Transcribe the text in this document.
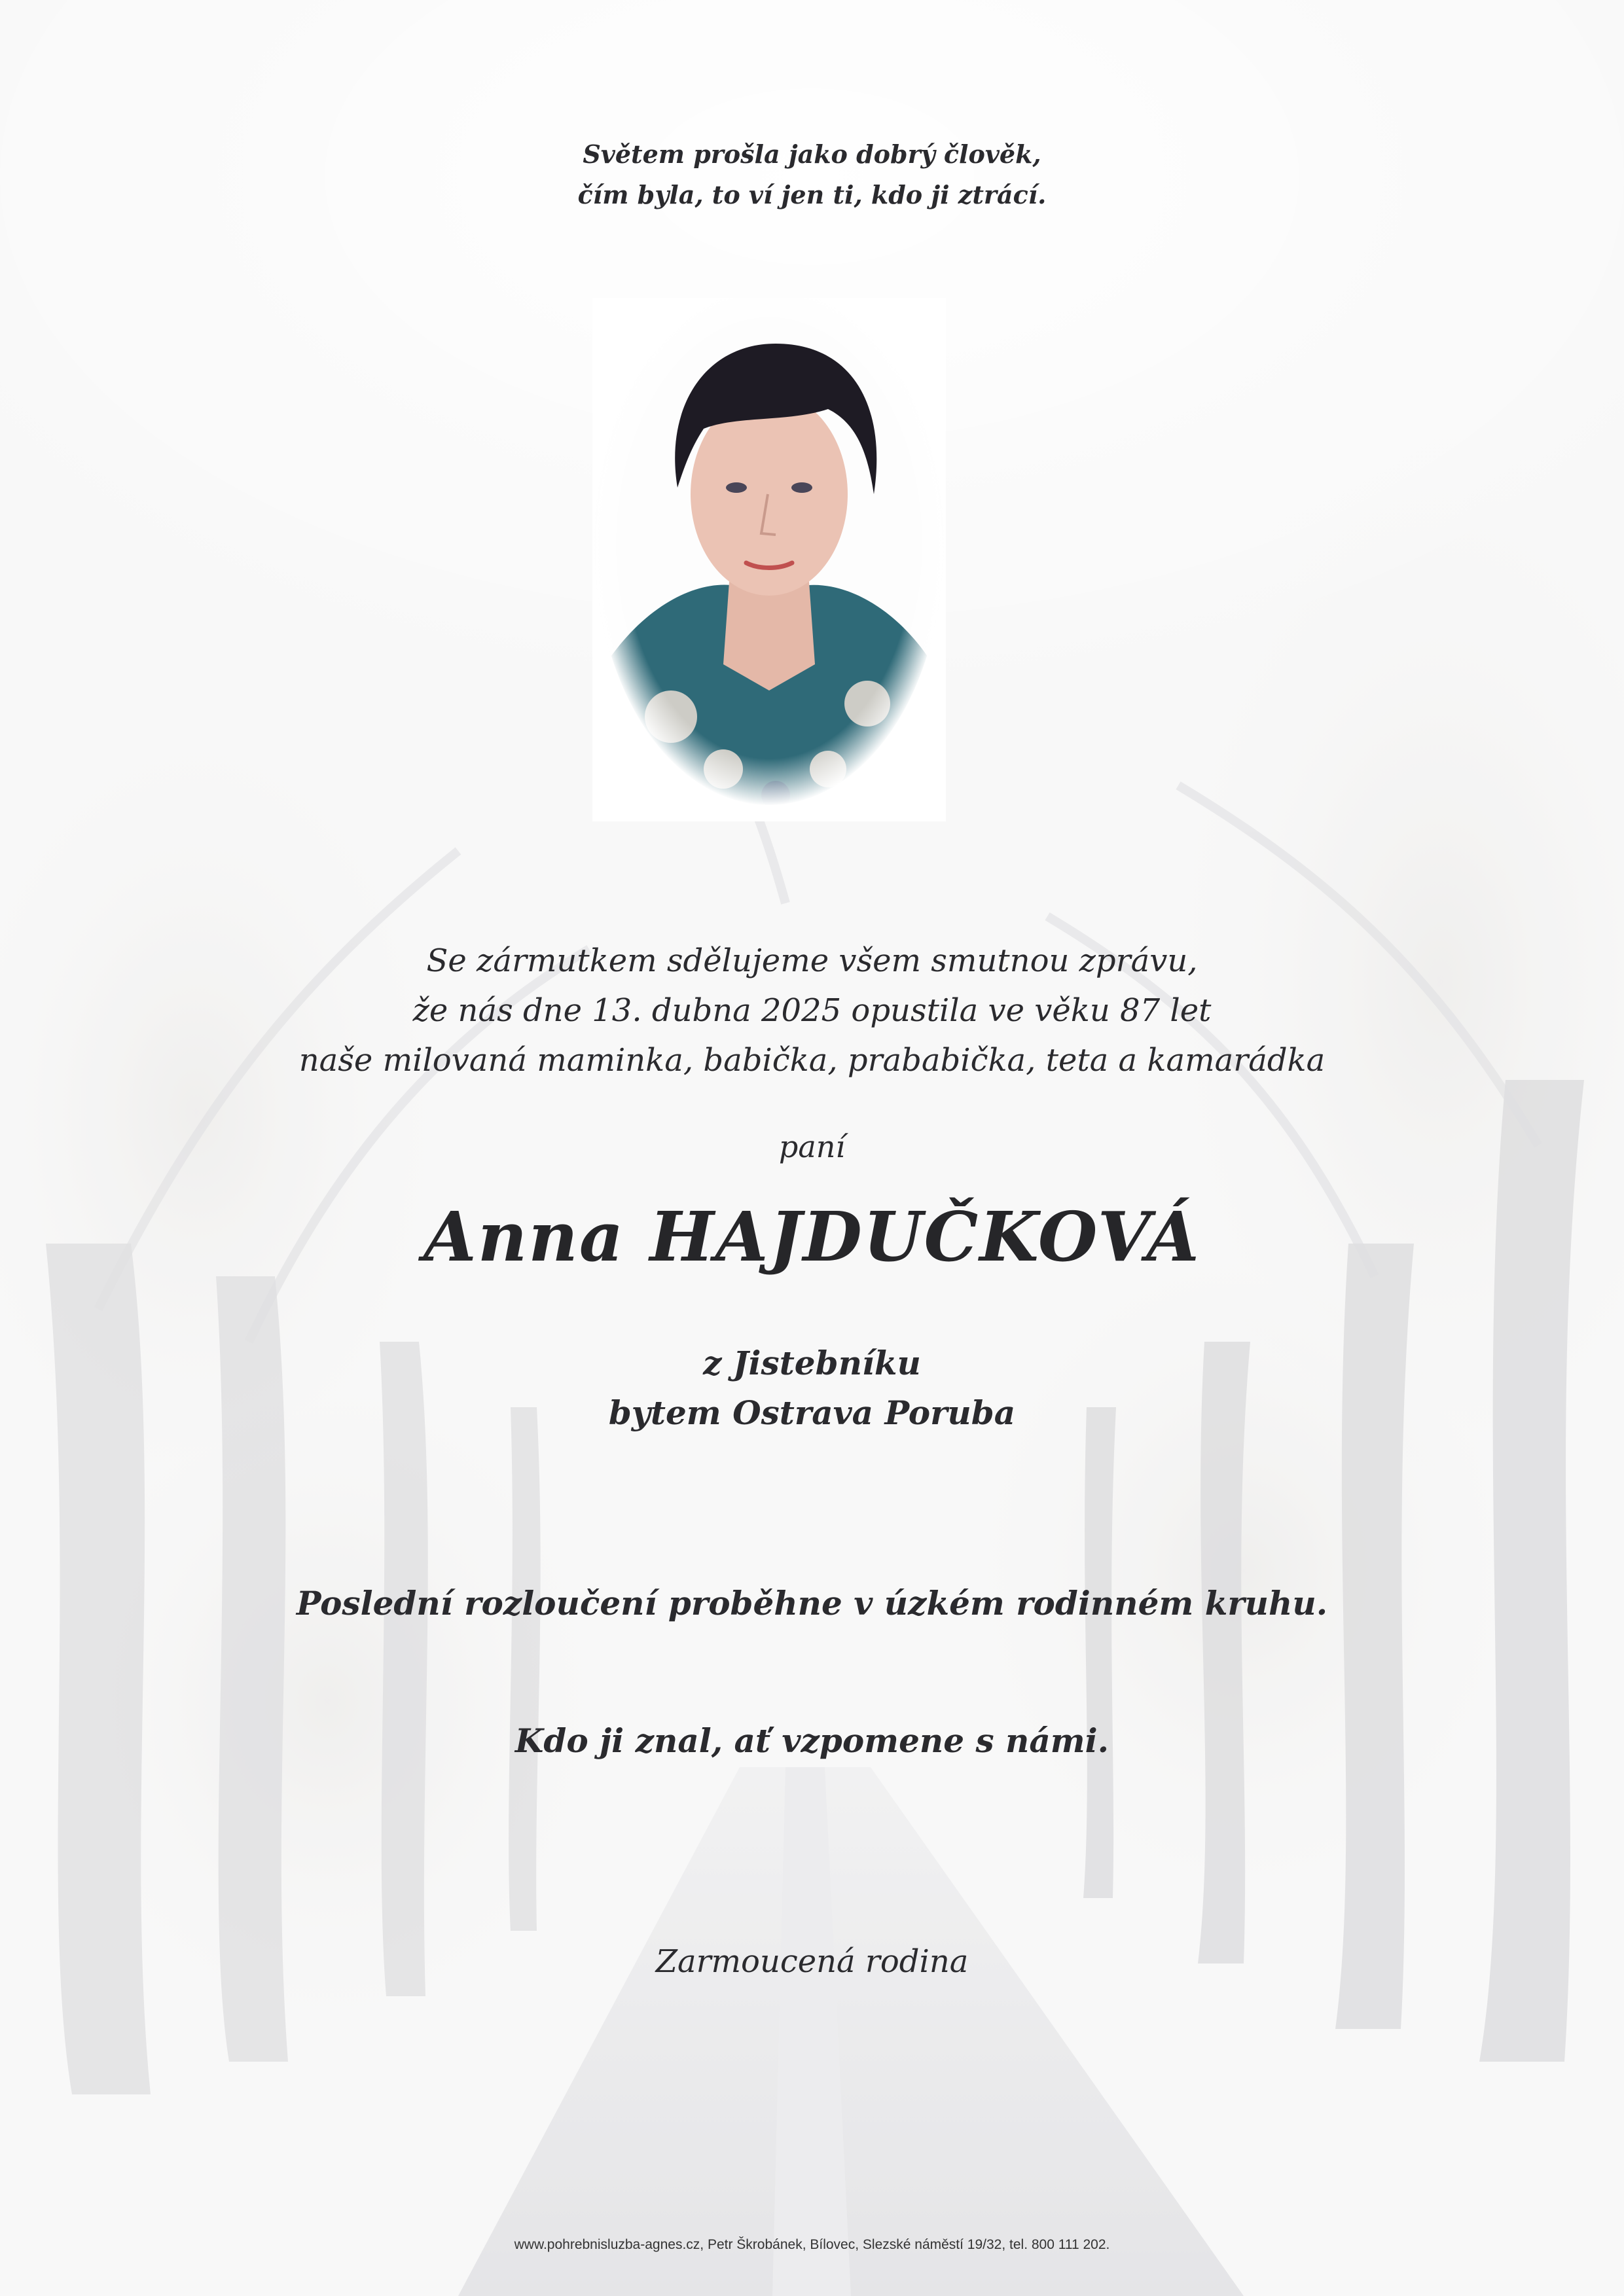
Světem prošla jako dobrý člověk,
čím byla, to ví jen ti, kdo ji ztrácí.

Se zármutkem sdělujeme všem smutnou zprávu,
že nás dne 13. dubna 2025 opustila ve věku 87 let
naše milovaná maminka, babička, prababička, teta a kamarádka

paní

Anna HAJDUČKOVÁ

z Jistebníku
bytem Ostrava Poruba

Poslední rozloučení proběhne v úzkém rodinném kruhu.

Kdo ji znal, ať vzpomene s námi.

Zarmoucená rodina

www.pohrebnisluzba-agnes.cz, Petr Škrobánek, Bílovec, Slezské náměstí 19/32, tel. 800 111 202.
